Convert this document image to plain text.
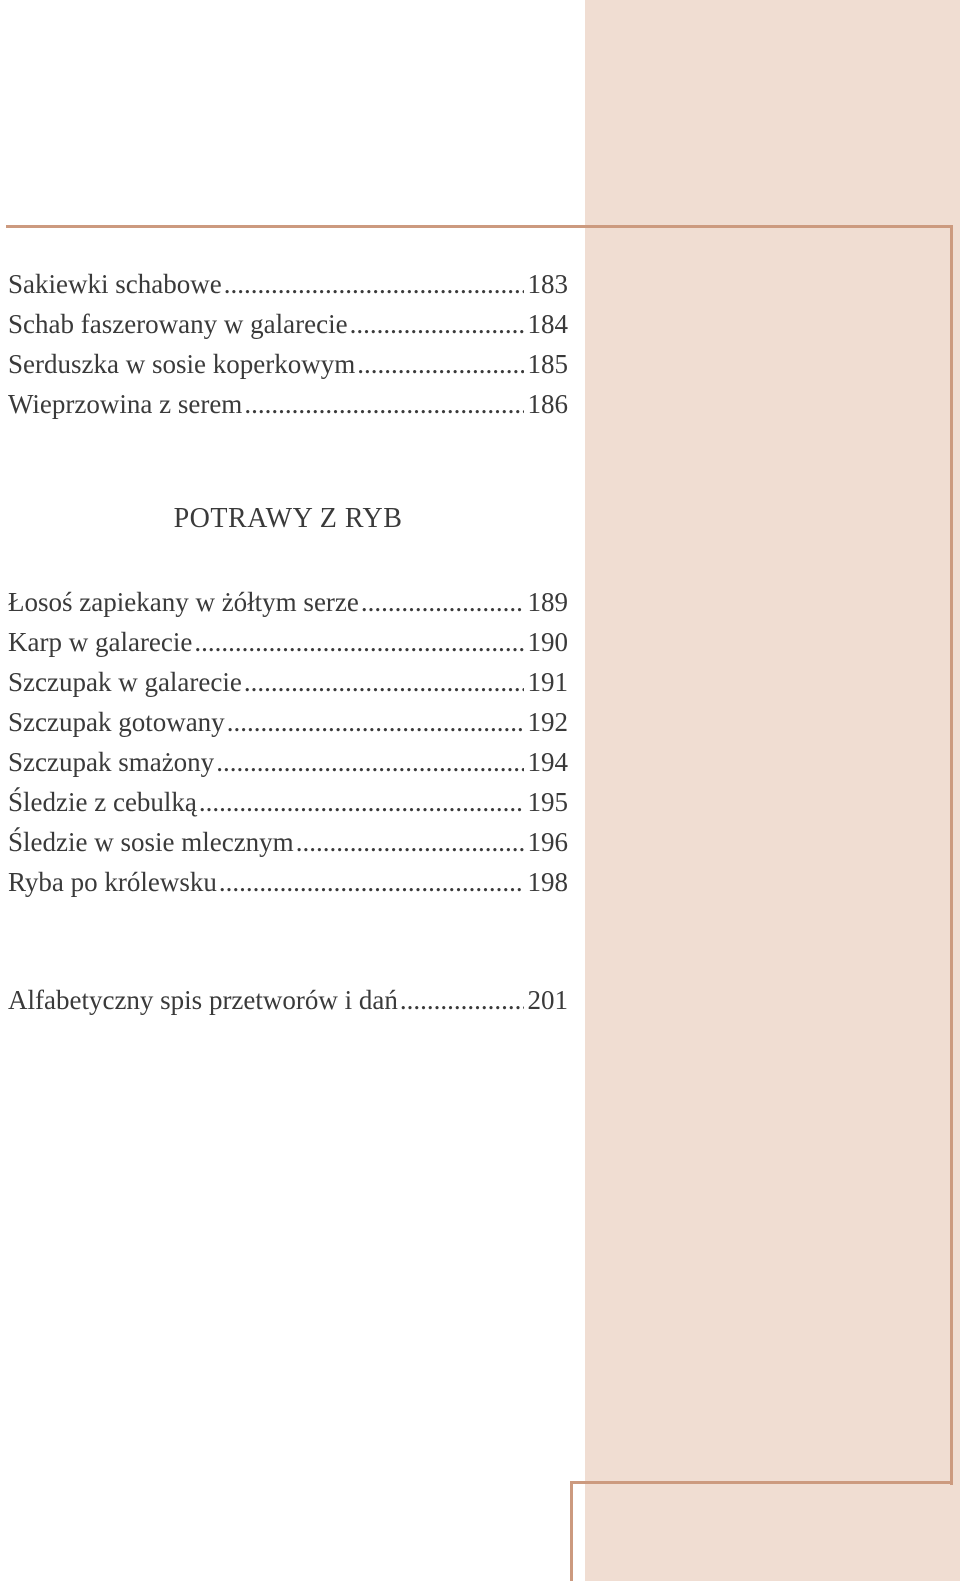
Sakiewki schabowe .....	183
Schab faszerowany w galarecie .....	184
Serduszka w sosie koperkowym .....	185
Wieprzowina z serem .....	186
POTRAWY Z RYB
Łosoś zapiekany w żółtym serze .....	189
Karp w galarecie .....	190
Szczupak w galarecie .....	191
Szczupak gotowany .....	192
Szczupak smażony .....	194
Śledzie z cebulką .....	195
Śledzie w sosie mlecznym .....	196
Ryba po królewsku .....	198
Alfabetyczny spis przetworów i dań .....	201
